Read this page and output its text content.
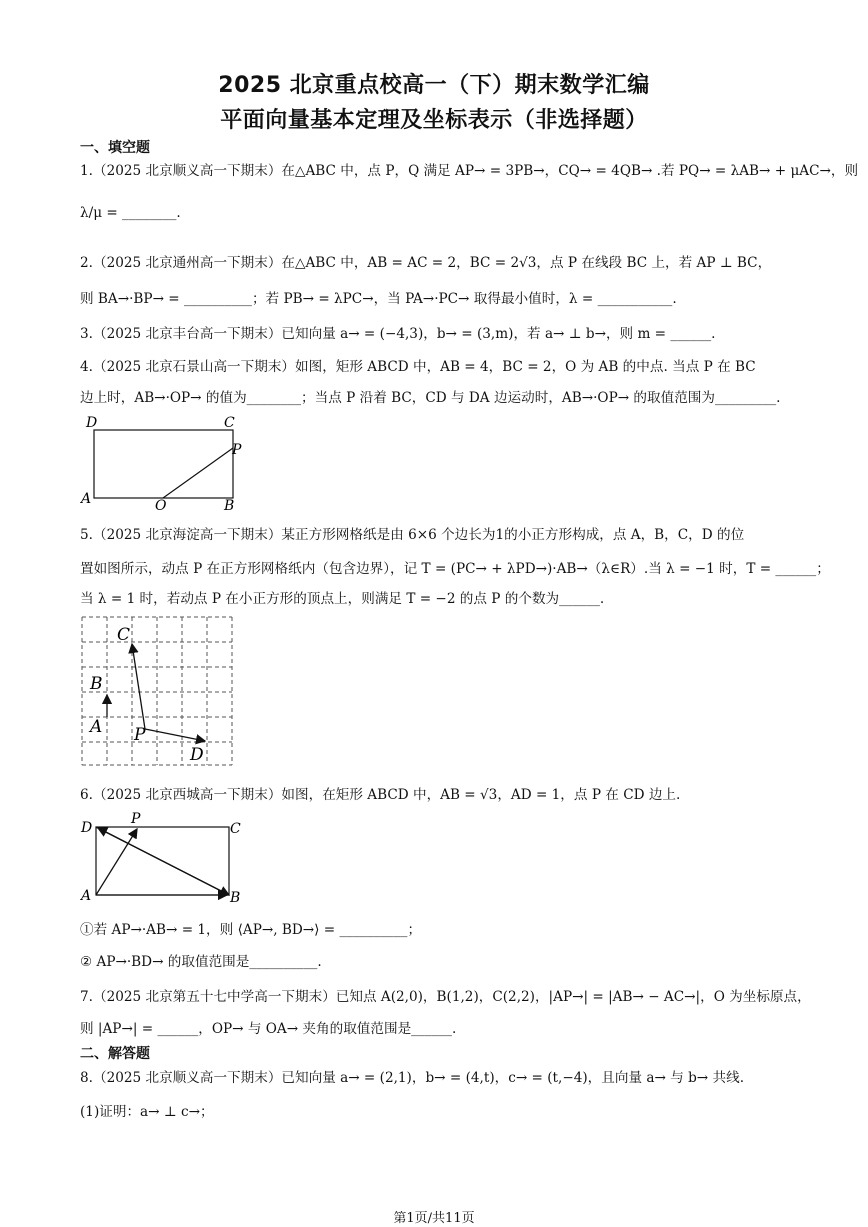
2025 北京重点校高一（下）期末数学汇编
平面向量基本定理及坐标表示（非选择题）
一、填空题
1.（2025 北京顺义高一下期末）在△ABC 中，点 P，Q 满足 AP→ = 3PB→，CQ→ = 4QB→ .若 PQ→ = λAB→ + μAC→，则
λ/μ = ________.
2.（2025 北京通州高一下期末）在△ABC 中，AB = AC = 2，BC = 2√3，点 P 在线段 BC 上，若 AP ⊥ BC，
则 BA→·BP→ = __________；若 PB→ = λPC→，当 PA→·PC→ 取得最小值时，λ = ___________.
3.（2025 北京丰台高一下期末）已知向量 a→ = (−4,3)，b→ = (3,m)，若 a→ ⊥ b→，则 m = ______.
4.（2025 北京石景山高一下期末）如图，矩形 ABCD 中，AB = 4，BC = 2，O 为 AB 的中点. 当点 P 在 BC
边上时，AB→·OP→ 的值为________；当点 P 沿着 BC，CD 与 DA 边运动时，AB→·OP→ 的取值范围为_________.
D	C
P
A	O	B
5.（2025 北京海淀高一下期末）某正方形网格纸是由 6×6 个边长为1的小正方形构成，点 A，B，C，D 的位
置如图所示，动点 P 在正方形网格纸内（包含边界），记 T = (PC→ + λPD→)·AB→（λ∈R）.当 λ = −1 时，T = ______；
当 λ = 1 时，若动点 P 在小正方形的顶点上，则满足 T = −2 的点 P 的个数为______.
C
B
A P
D
6.（2025 北京西城高一下期末）如图，在矩形 ABCD 中，AB = √3，AD = 1，点 P 在 CD 边上.
D
P
C
A	B
①若 AP→·AB→ = 1，则 ⟨AP→, BD→⟩ = __________；
② AP→·BD→ 的取值范围是__________.
7.（2025 北京第五十七中学高一下期末）已知点 A(2,0)，B(1,2)，C(2,2)，|AP→| = |AB→ − AC→|，O 为坐标原点，
则 |AP→| = ______，OP→ 与 OA→ 夹角的取值范围是______.
二、解答题
8.（2025 北京顺义高一下期末）已知向量 a→ = (2,1)，b→ = (4,t)，c→ = (t,−4)，且向量 a→ 与 b→ 共线.
(1)证明：a→ ⊥ c→；
第1页/共11页
